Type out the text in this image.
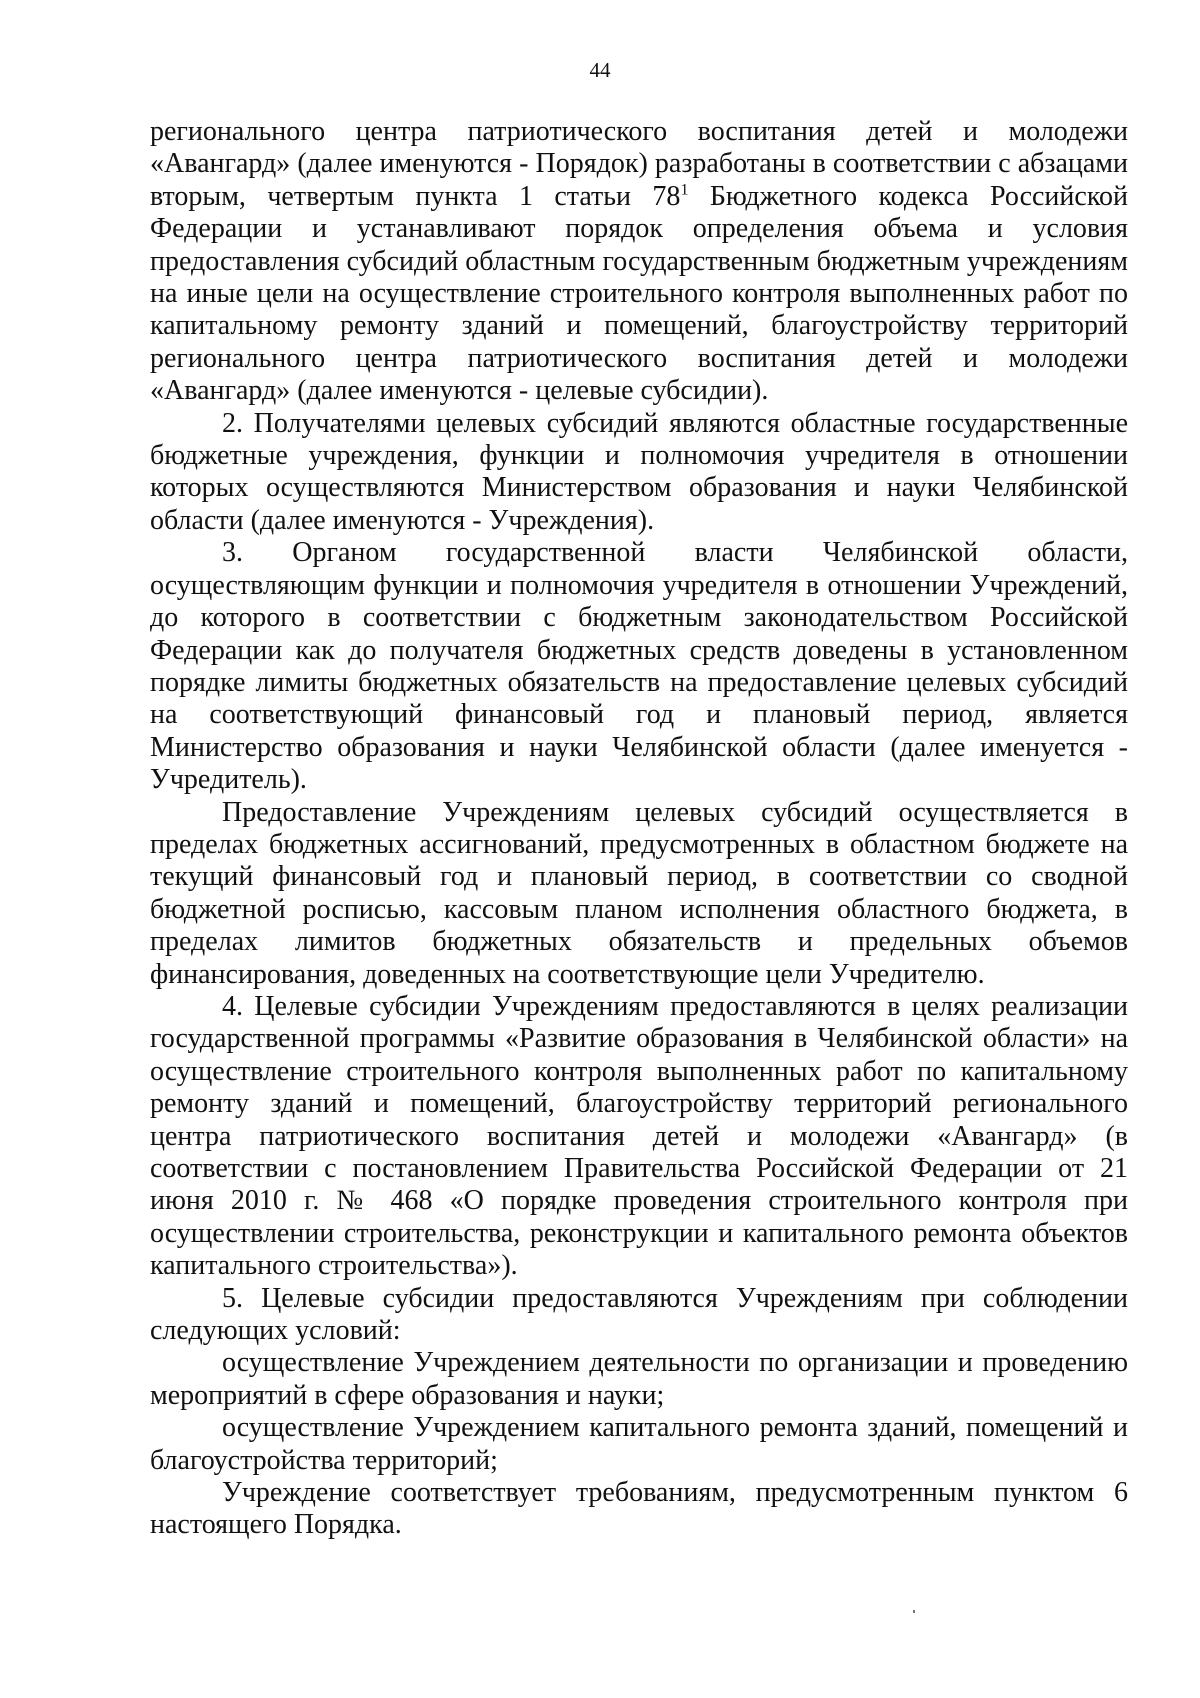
44

регионального центра патриотического воспитания детей и молодежи «Авангард» (далее именуются - Порядок) разработаны в соответствии с абзацами вторым, четвертым пункта 1 статьи $78^1$ Бюджетного кодекса Российской Федерации и устанавливают порядок определения объема и условия предоставления субсидий областным государственным бюджетным учреждениям на иные цели на осуществление строительного контроля выполненных работ по капитальному ремонту зданий и помещений, благоустройству территорий регионального центра патриотического воспитания детей и молодежи «Авангард» (далее именуются - целевые субсидии).

2. Получателями целевых субсидий являются областные государственные бюджетные учреждения, функции и полномочия учредителя в отношении которых осуществляются Министерством образования и науки Челябинской области (далее именуются - Учреждения).

3. Органом государственной власти Челябинской области, осуществляющим функции и полномочия учредителя в отношении Учреждений, до которого в соответствии с бюджетным законодательством Российской Федерации как до получателя бюджетных средств доведены в установленном порядке лимиты бюджетных обязательств на предоставление целевых субсидий на соответствующий финансовый год и плановый период, является Министерство образования и науки Челябинской области (далее именуется - Учредитель).

Предоставление Учреждениям целевых субсидий осуществляется в пределах бюджетных ассигнований, предусмотренных в областном бюджете на текущий финансовый год и плановый период, в соответствии со сводной бюджетной росписью, кассовым планом исполнения областного бюджета, в пределах лимитов бюджетных обязательств и предельных объемов финансирования, доведенных на соответствующие цели Учредителю.

4. Целевые субсидии Учреждениям предоставляются в целях реализации государственной программы «Развитие образования в Челябинской области» на осуществление строительного контроля выполненных работ по капитальному ремонту зданий и помещений, благоустройству территорий регионального центра патриотического воспитания детей и молодежи «Авангард» (в соответствии с постановлением Правительства Российской Федерации от 21 июня 2010 г. № 468 «О порядке проведения строительного контроля при осуществлении строительства, реконструкции и капитального ремонта объектов капитального строительства»).

5. Целевые субсидии предоставляются Учреждениям при соблюдении следующих условий:

осуществление Учреждением деятельности по организации и проведению мероприятий в сфере образования и науки;

осуществление Учреждением капитального ремонта зданий, помещений и благоустройства территорий;

Учреждение соответствует требованиям, предусмотренным пунктом 6 настоящего Порядка.
